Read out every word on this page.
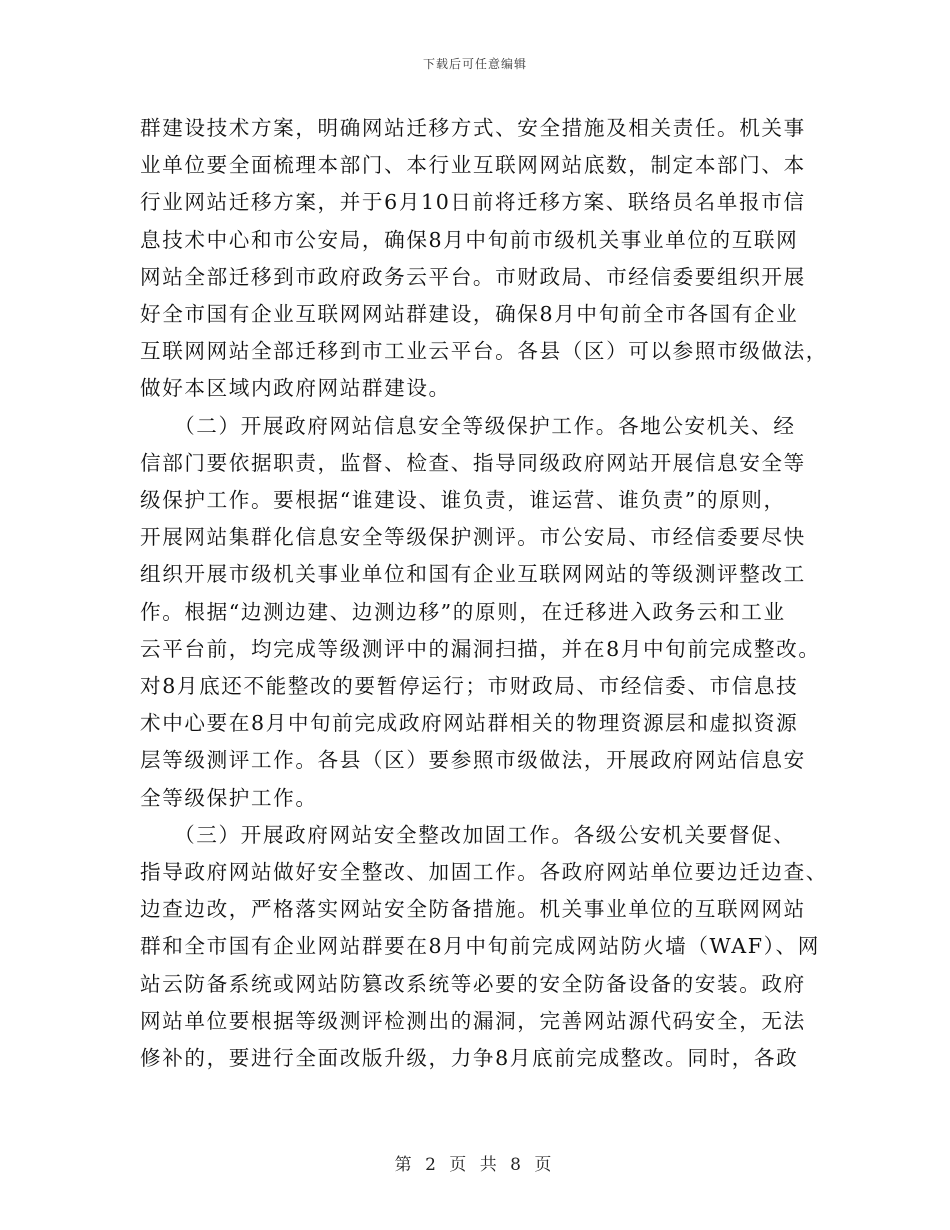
下载后可任意编辑
群建设技术方案，明确网站迁移方式、安全措施及相关责任。机关事
业单位要全面梳理本部门、本行业互联网网站底数，制定本部门、本
行业网站迁移方案，并于6月10日前将迁移方案、联络员名单报市信
息技术中心和市公安局，确保8月中旬前市级机关事业单位的互联网
网站全部迁移到市政府政务云平台。市财政局、市经信委要组织开展
好全市国有企业互联网网站群建设，确保8月中旬前全市各国有企业
互联网网站全部迁移到市工业云平台。各县（区）可以参照市级做法，
做好本区域内政府网站群建设。
　　（二）开展政府网站信息安全等级保护工作。各地公安机关、经
信部门要依据职责，监督、检查、指导同级政府网站开展信息安全等
级保护工作。要根据“谁建设、谁负责，谁运营、谁负责”的原则，
开展网站集群化信息安全等级保护测评。市公安局、市经信委要尽快
组织开展市级机关事业单位和国有企业互联网网站的等级测评整改工
作。根据“边测边建、边测边移”的原则，在迁移进入政务云和工业
云平台前，均完成等级测评中的漏洞扫描，并在8月中旬前完成整改。
对8月底还不能整改的要暂停运行；市财政局、市经信委、市信息技
术中心要在8月中旬前完成政府网站群相关的物理资源层和虚拟资源
层等级测评工作。各县（区）要参照市级做法，开展政府网站信息安
全等级保护工作。
　　（三）开展政府网站安全整改加固工作。各级公安机关要督促、
指导政府网站做好安全整改、加固工作。各政府网站单位要边迁边查、
边查边改，严格落实网站安全防备措施。机关事业单位的互联网网站
群和全市国有企业网站群要在8月中旬前完成网站防火墙（WAF）、网
站云防备系统或网站防篡改系统等必要的安全防备设备的安装。政府
网站单位要根据等级测评检测出的漏洞，完善网站源代码安全，无法
修补的，要进行全面改版升级，力争8月底前完成整改。同时，各政
第 2 页 共 8 页
